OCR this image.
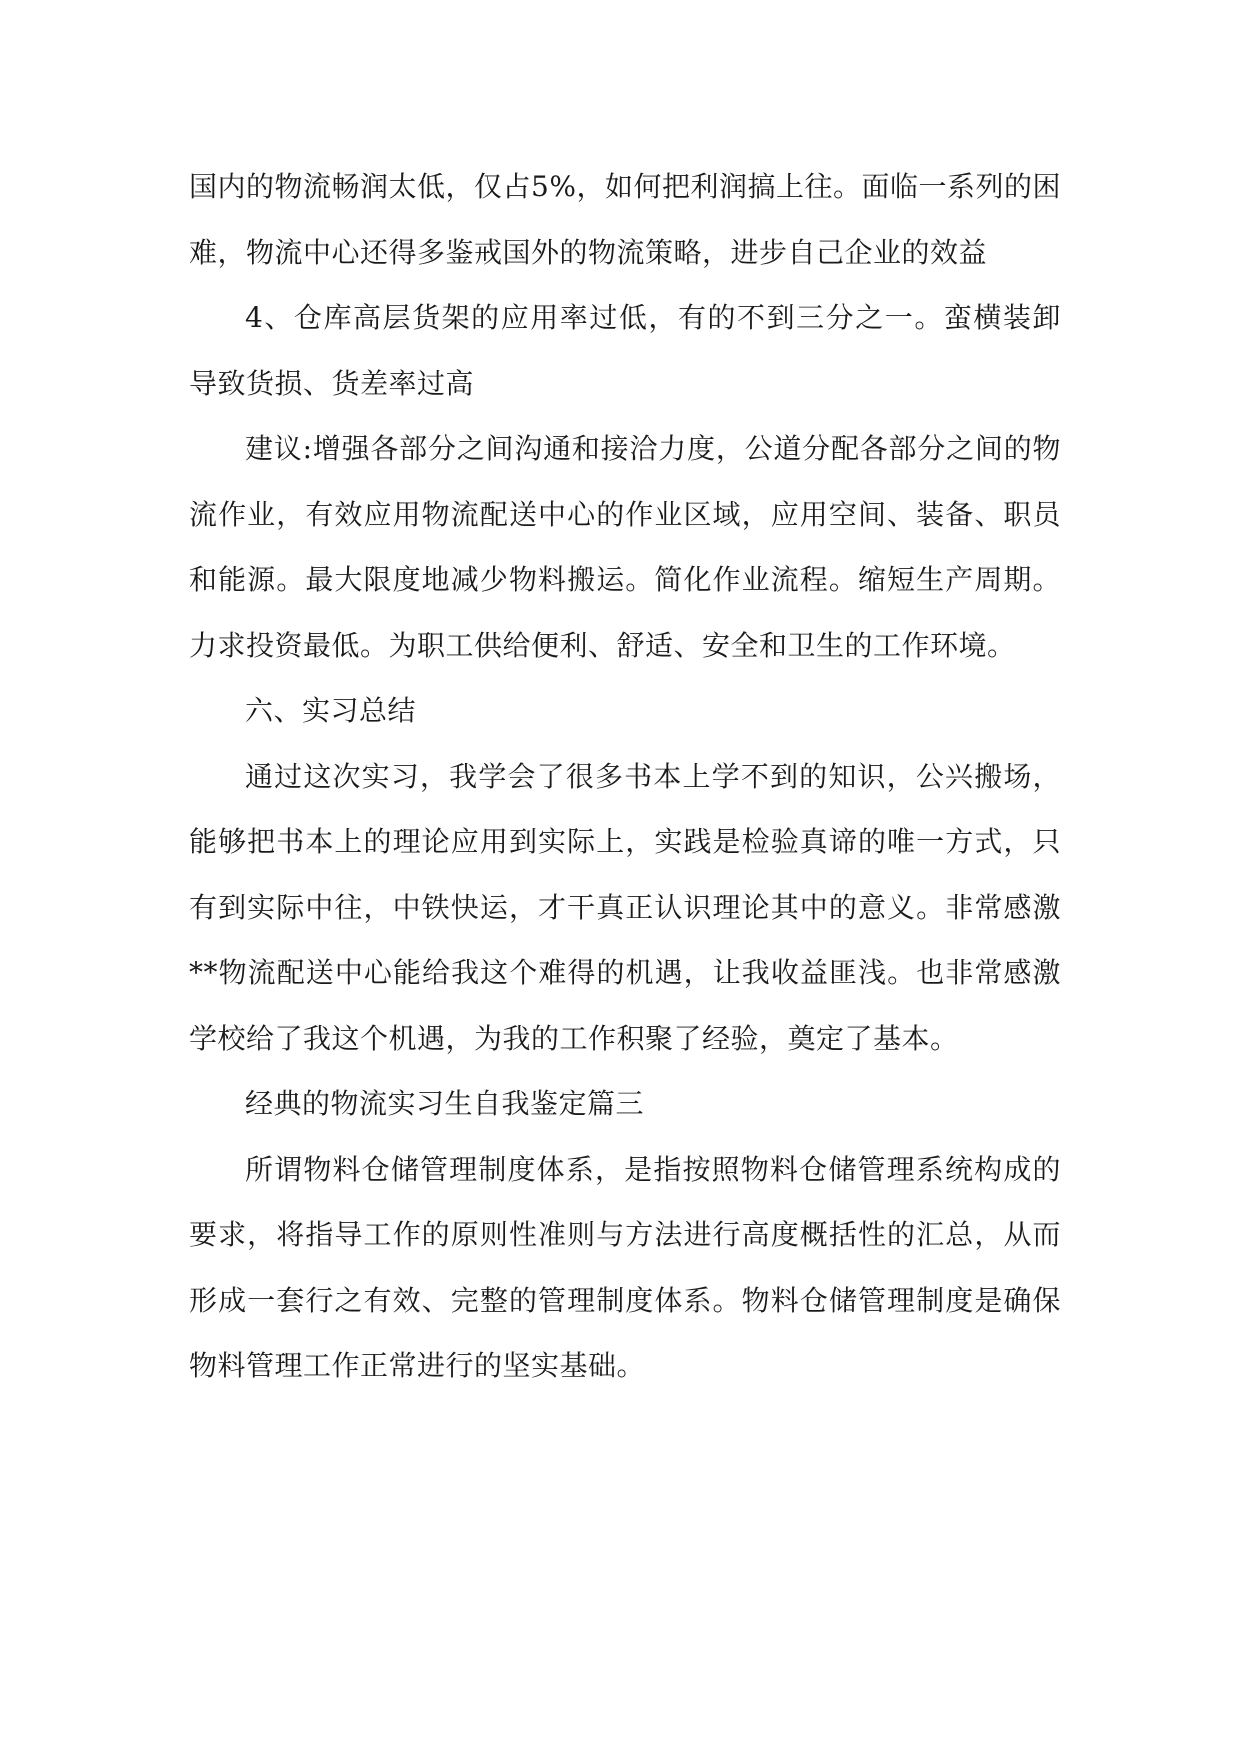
国内的物流畅润太低，仅占5%，如何把利润搞上往。面临一系列的困难，物流中心还得多鉴戒国外的物流策略，进步自己企业的效益

4、仓库高层货架的应用率过低，有的不到三分之一。蛮横装卸导致货损、货差率过高

建议:增强各部分之间沟通和接洽力度，公道分配各部分之间的物流作业，有效应用物流配送中心的作业区域，应用空间、装备、职员和能源。最大限度地减少物料搬运。简化作业流程。缩短生产周期。力求投资最低。为职工供给便利、舒适、安全和卫生的工作环境。

六、实习总结

通过这次实习，我学会了很多书本上学不到的知识，公兴搬场，能够把书本上的理论应用到实际上，实践是检验真谛的唯一方式，只有到实际中往，中铁快运，才干真正认识理论其中的意义。非常感激**物流配送中心能给我这个难得的机遇，让我收益匪浅。也非常感激学校给了我这个机遇，为我的工作积聚了经验，奠定了基本。

经典的物流实习生自我鉴定篇三

所谓物料仓储管理制度体系，是指按照物料仓储管理系统构成的要求，将指导工作的原则性准则与方法进行高度概括性的汇总，从而形成一套行之有效、完整的管理制度体系。物料仓储管理制度是确保物料管理工作正常进行的坚实基础。
